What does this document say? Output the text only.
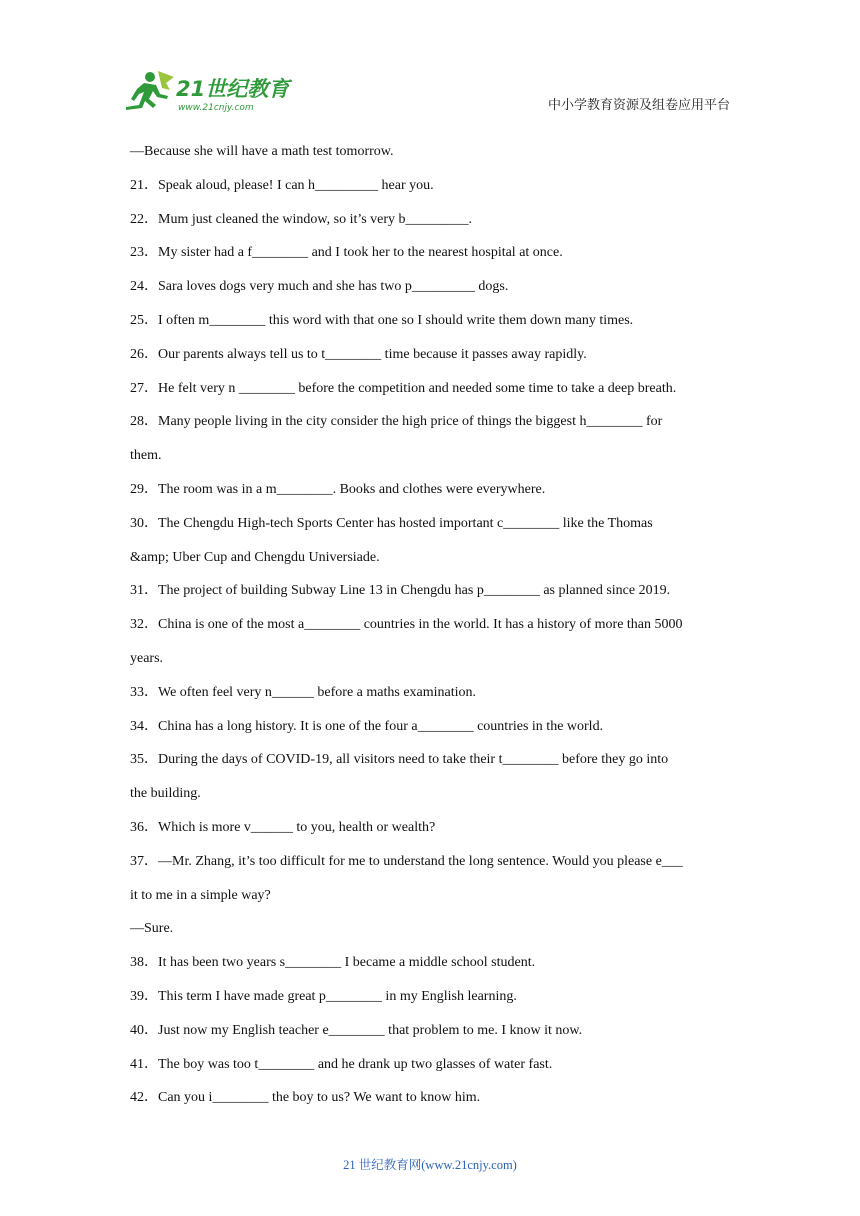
21世纪教育
www.21cnjy.com	中小学教育资源及组卷应用平台
—Because she will have a math test tomorrow.
21．Speak aloud, please! I can h_________ hear you.
22．Mum just cleaned the window, so it’s very b_________.
23．My sister had a f________ and I took her to the nearest hospital at once.
24．Sara loves dogs very much and she has two p_________ dogs.
25．I often m________ this word with that one so I should write them down many times.
26．Our parents always tell us to t________ time because it passes away rapidly.
27．He felt very n ________ before the competition and needed some time to take a deep breath.
28．Many people living in the city consider the high price of things the biggest h________ for
them.
29．The room was in a m________. Books and clothes were everywhere.
30．The Chengdu High-tech Sports Center has hosted important c________ like the Thomas
&amp; Uber Cup and Chengdu Universiade.
31．The project of building Subway Line 13 in Chengdu has p________ as planned since 2019.
32．China is one of the most a________ countries in the world. It has a history of more than 5000
years.
33．We often feel very n______ before a maths examination.
34．China has a long history. It is one of the four a________ countries in the world.
35．During the days of COVID-19, all visitors need to take their t________ before they go into
the building.
36．Which is more v______ to you, health or wealth?
37．—Mr. Zhang, it’s too difficult for me to understand the long sentence. Would you please e___
it to me in a simple way?
—Sure.
38．It has been two years s________ I became a middle school student.
39．This term I have made great p________ in my English learning.
40．Just now my English teacher e________ that problem to me. I know it now.
41．The boy was too t________ and he drank up two glasses of water fast.
42．Can you i________ the boy to us? We want to know him.
21 世纪教育网(www.21cnjy.com)
